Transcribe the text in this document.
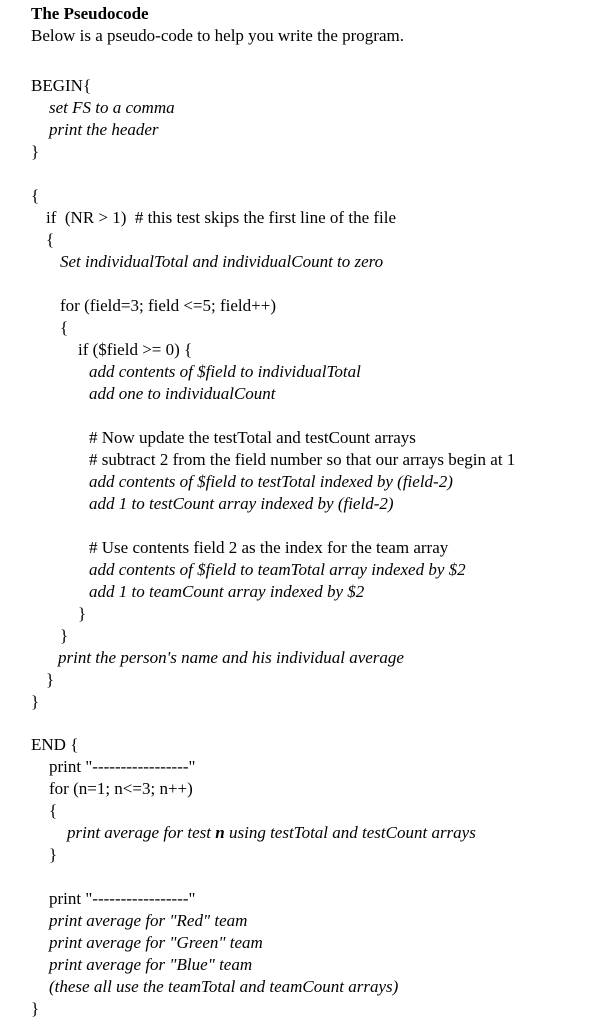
The Pseudocode
Below is a pseudo-code to help you write the program.
BEGIN{
set FS to a comma
print the header
}
{
if  (NR > 1)  # this test skips the first line of the file
{
Set individualTotal and individualCount to zero
for (field=3; field <=5; field++)
{
if ($field >= 0) {
add contents of $field to individualTotal
add one to individualCount
# Now update the testTotal and testCount arrays
# subtract 2 from the field number so that our arrays begin at 1
add contents of $field to testTotal indexed by (field-2)
add 1 to testCount array indexed by (field-2)
# Use contents field 2 as the index for the team array
add contents of $field to teamTotal array indexed by $2
add 1 to teamCount array indexed by $2
}
}
print the person's name and his individual average
}
}
END {
print "-----------------"
for (n=1; n<=3; n++)
{
print average for test n using testTotal and testCount arrays
}
print "-----------------"
print average for "Red" team
print average for "Green" team
print average for "Blue" team
(these all use the teamTotal and teamCount arrays)
}
